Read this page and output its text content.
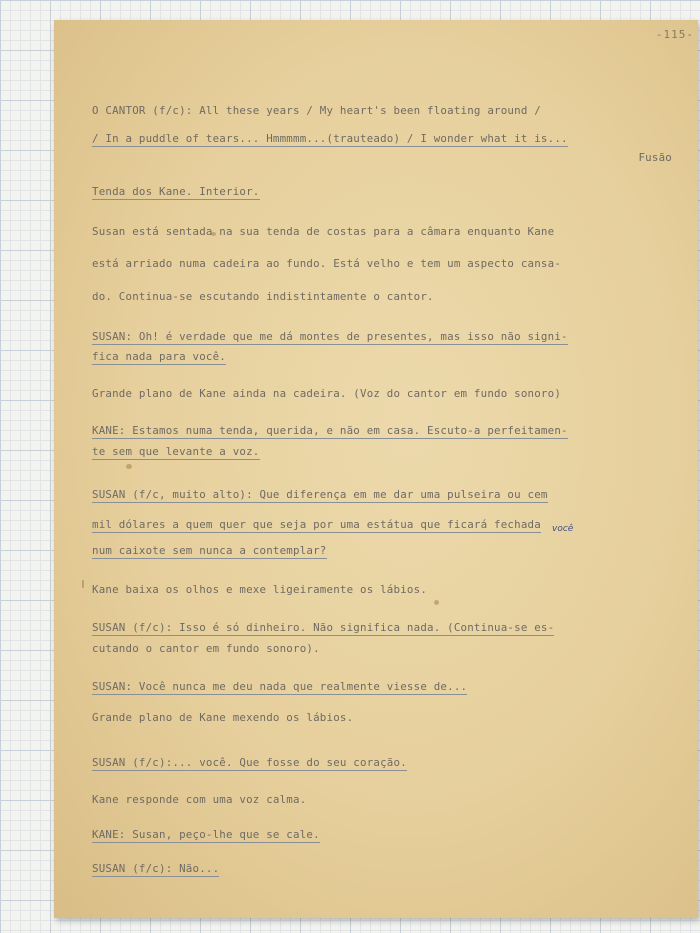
-115-
você

O CANTOR (f/c): All these years / My heart's been floating around /

/ In a puddle of tears... Hmmmmm...(trauteado) / I wonder what it is...

Fusão

Tenda dos Kane. Interior.

Susan está sentada na sua tenda de costas para a câmara enquanto Kane

está arriado numa cadeira ao fundo. Está velho e tem um aspecto cansa-

do. Continua-se escutando indistintamente o cantor.

SUSAN: Oh! é verdade que me dá montes de presentes, mas isso não signi-

fica nada para você.

Grande plano de Kane ainda na cadeira. (Voz do cantor em fundo sonoro)

KANE: Estamos numa tenda, querida, e não em casa. Escuto-a perfeitamen-

te sem que levante a voz.

SUSAN (f/c, muito alto): Que diferença em me dar uma pulseira ou cem

mil dólares a quem quer que seja por uma estátua que ficará fechada

num caixote sem nunca a contemplar?

Kane baixa os olhos e mexe ligeiramente os lábios.

SUSAN (f/c): Isso é só dinheiro. Não significa nada. (Continua-se es-

cutando o cantor em fundo sonoro).

SUSAN: Você nunca me deu nada que realmente viesse de...

Grande plano de Kane mexendo os lábios.

SUSAN (f/c):... você. Que fosse do seu coração.

Kane responde com uma voz calma.

KANE: Susan, peço-lhe que se cale.

SUSAN (f/c): Não...
